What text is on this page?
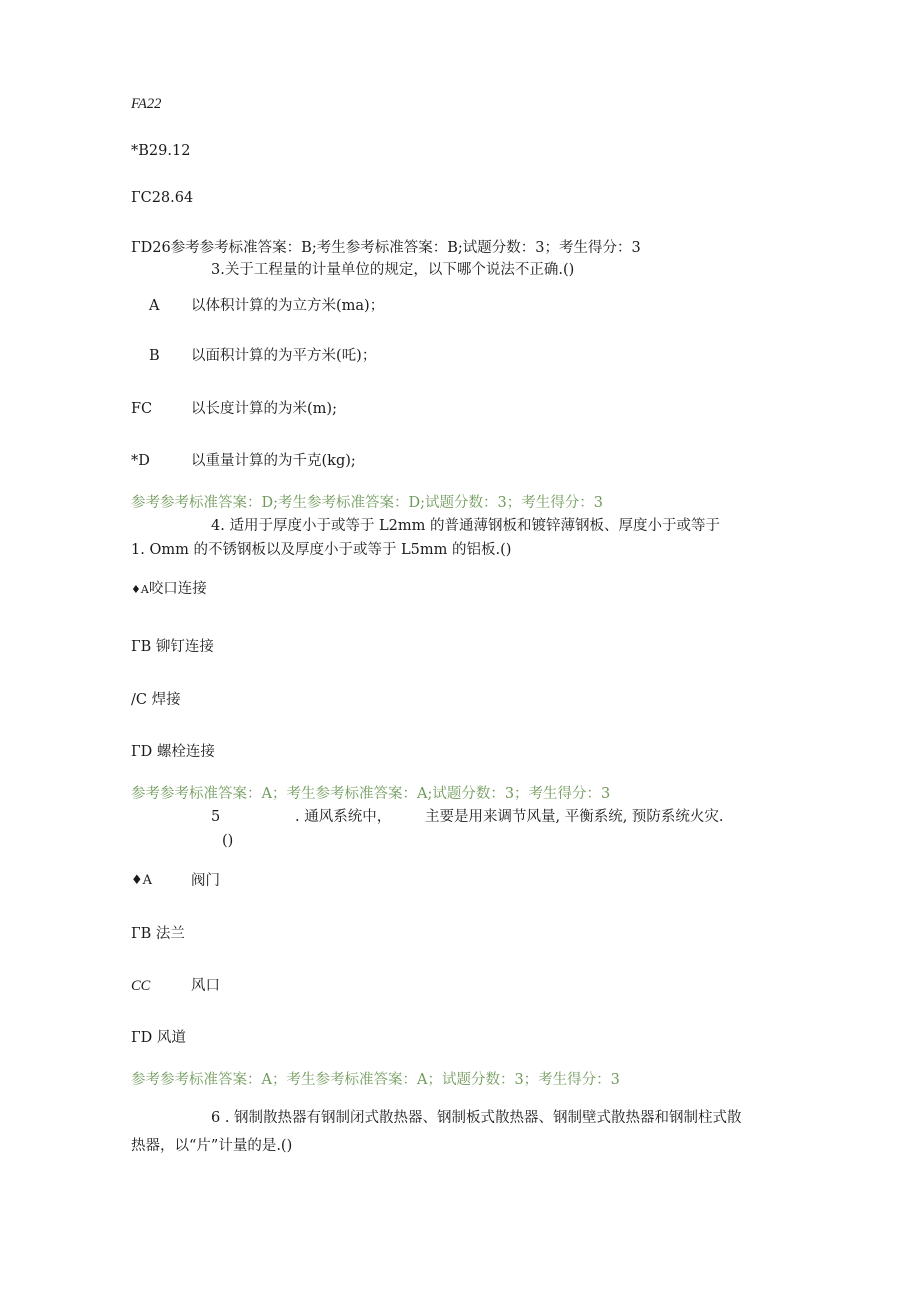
FA22
*B29.12
ГC28.64
ГD26参考参考标准答案：B;考生参考标准答案：B;试题分数：3；考生得分：3
3.关于工程量的计量单位的规定，以下哪个说法不正确.()
A 以体积计算的为立方米(ma)；
B 以面积计算的为平方米(吒)；
FC	以长度计算的为米(m);
*D	以重量计算的为千克(kg);
参考参考标准答案：D;考生参考标准答案：D;试题分数：3；考生得分：3
4. 适用于厚度小于或等于 L2mm 的普通薄钢板和镀锌薄钢板、厚度小于或等于
1. Omm 的不锈钢板以及厚度小于或等于 L5mm 的铝板.()
♦A咬口连接
ГB 铆钉连接
/C 焊接
ГD 螺栓连接
参考参考标准答案：A；考生参考标准答案：A;试题分数：3；考生得分：3
5	. 通风系统中， 主要是用来调节风量, 平衡系统, 预防系统火灾.
()
♦A	阀门
ГB 法兰
CC	风口
ГD 风道
参考参考标准答案：A；考生参考标准答案：A；试题分数：3；考生得分：3
6 . 钢制散热器有钢制闭式散热器、钢制板式散热器、钢制壁式散热器和钢制柱式散
热器，以“片”计量的是.()
